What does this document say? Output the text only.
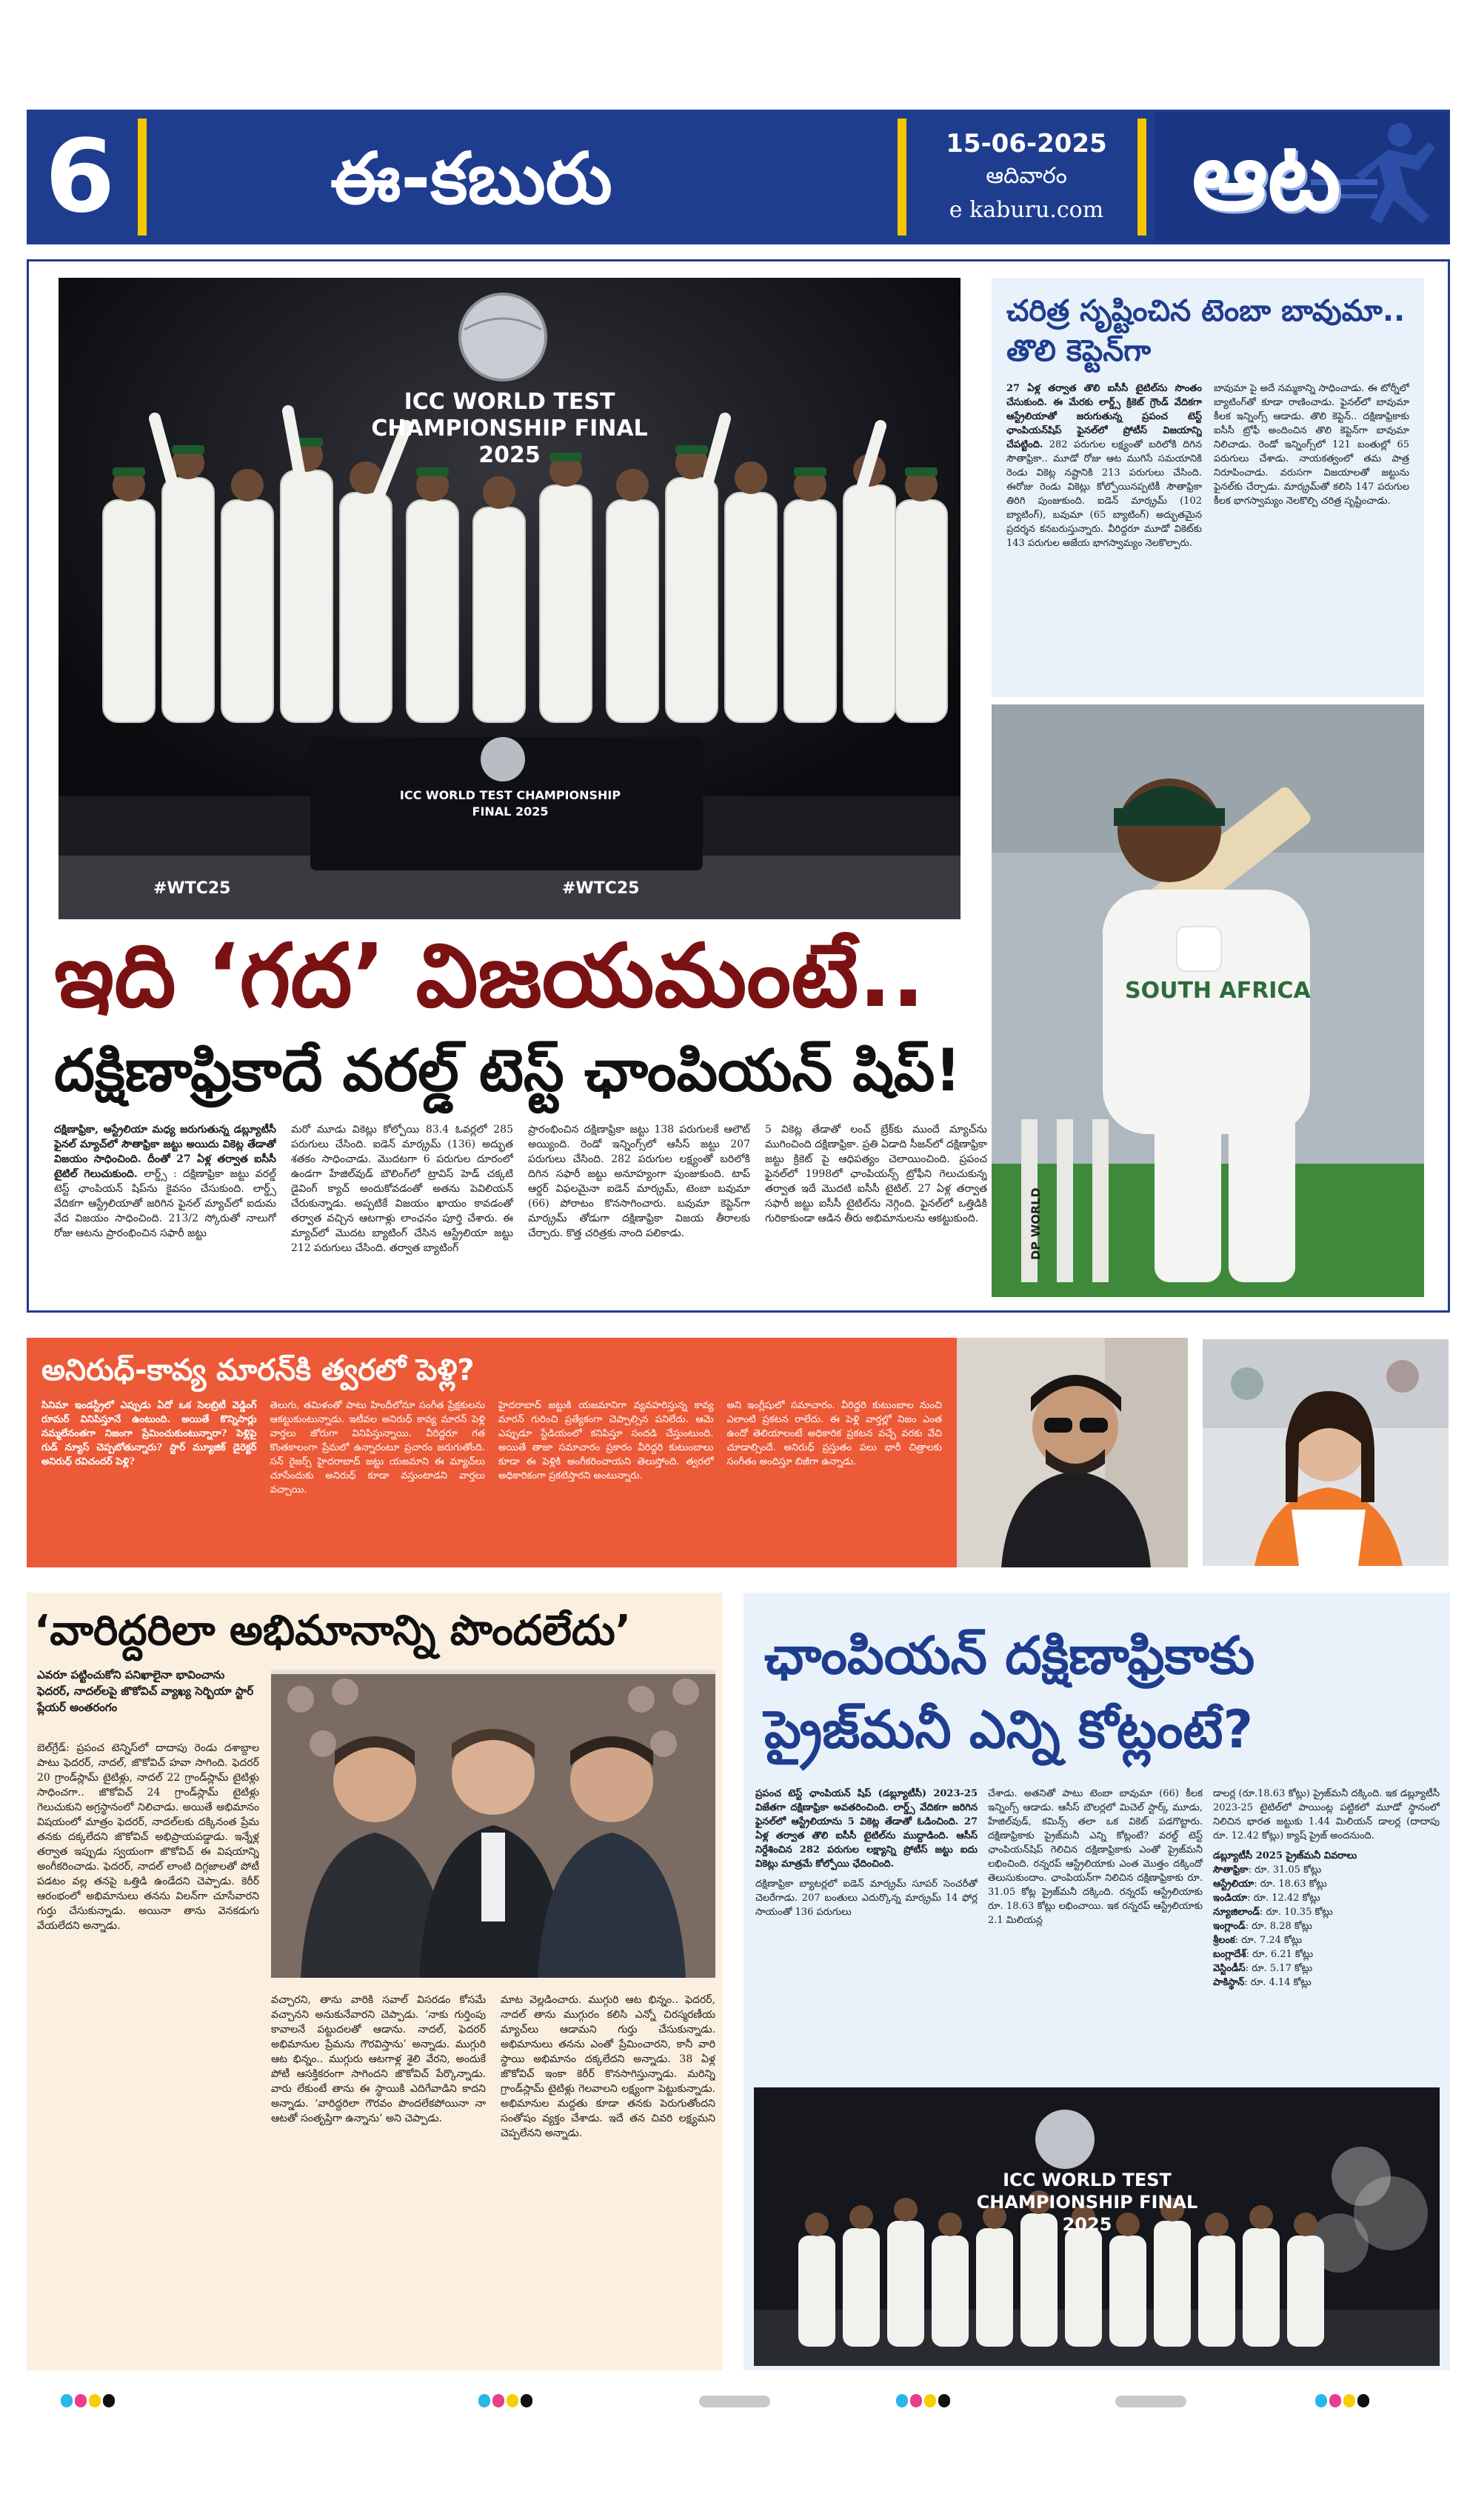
6	ఈ-కబురు	15-06-2025
ఆదివారం
e kaburu.com ఆట
ICC WORLD TEST CHAMPIONSHIP FINAL 2025
ICC WORLD TEST CHAMPIONSHIP FINAL 2025
#WTC25	#WTC25
ఇది ‘గద’ విజయమంటే..
దక్షిణాఫ్రికాదే వరల్డ్ టెస్ట్ ఛాంపియన్ షిప్!
దక్షిణాఫ్రికా, ఆస్ట్రేలియా మధ్య జరుగుతున్న డబ్ల్యూటీసీ ఫైనల్ మ్యాచ్‌లో సౌతాఫ్రికా జట్టు అయిదు వికెట్ల తేడాతో విజయం సాధించింది. దీంతో 27 ఏళ్ల తర్వాత ఐసీసీ టైటిల్ గెలుచుకుంది. లార్డ్స్ : దక్షిణాఫ్రికా జట్టు వరల్డ్ టెస్ట్ ఛాంపియన్ షిప్‌ను కైవసం చేసుకుంది. లార్డ్స్ వేదికగా ఆస్ట్రేలియాతో జరిగిన ఫైనల్ మ్యాచ్‌లో ఐదుమ వేద విజయం సాధించింది. 213/2 స్కోరుతో నాలుగో రోజు ఆటను ప్రారంభించిన సఫారీ జట్టు
మరో మూడు వికెట్లు కోల్పోయి 83.4 ఓవర్లలో 285 పరుగులు చేసింది. ఐడెన్ మార్క్రమ్ (136) అద్భుత శతకం సాధించాడు. మొదటగా 6 పరుగుల దూరంలో ఉండగా హేజిల్‌వుడ్ బౌలింగ్‌లో ట్రావిస్ హెడ్ చక్కటి డైవింగ్ క్యాచ్ అందుకోవడంతో అతను పెవిలియన్ చేరుకున్నాడు. అప్పటికే విజయం ఖాయం కావడంతో తర్వాత వచ్చిన ఆటగాళ్లు లాంఛనం పూర్తి చేశారు. ఈ మ్యాచ్‌లో మొదట బ్యాటింగ్ చేసిన ఆస్ట్రేలియా జట్టు 212 పరుగులు చేసింది. తర్వాత బ్యాటింగ్
ప్రారంభించిన దక్షిణాఫ్రికా జట్టు 138 పరుగులకే ఆలౌట్ అయ్యింది. రెండో ఇన్నింగ్స్‌లో ఆసీస్ జట్టు 207 పరుగులు చేసింది. 282 పరుగుల లక్ష్యంతో బరిలోకి దిగిన సఫారీ జట్టు అనూహ్యంగా పుంజుకుంది. టాప్ ఆర్డర్ విఫలమైనా ఐడెన్ మార్క్రమ్, టెంబా బవుమా (66) పోరాటం కొనసాగించారు. బవుమా కెప్టెన్‌గా మార్క్రమ్ తోడుగా దక్షిణాఫ్రికా విజయ తీరాలకు చేర్చారు. కొత్త చరిత్రకు నాంది పలికాడు.
5 వికెట్ల తేడాతో లంచ్ బ్రేక్‌కు ముందే మ్యాచ్‌ను ముగించింది దక్షిణాఫ్రికా. ప్రతి ఏడాది సీజన్‌లో దక్షిణాఫ్రికా జట్టు క్రికెట్ పై ఆధిపత్యం చెలాయించింది. ప్రపంచ ఫైనల్‌లో 1998లో ఛాంపియన్స్ ట్రోఫీని గెలుచుకున్న తర్వాత ఇదే మొదటి ఐసీసీ టైటిల్. 27 ఏళ్ల తర్వాత సఫారీ జట్టు ఐసీసీ టైటిల్‌ను నెగ్గింది. ఫైనల్‌లో ఒత్తిడికి గురికాకుండా ఆడిన తీరు అభిమానులను ఆకట్టుకుంది.
చరిత్ర సృష్టించిన టెంబా బావుమా.. తొలి కెప్టెన్‌గా
27 ఏళ్ల తర్వాత తొలి ఐసీసీ టైటిల్‌ను సొంతం చేసుకుంది. ఈ మేరకు లార్డ్స్ క్రికెట్ గ్రౌండ్ వేదికగా ఆస్ట్రేలియాతో జరుగుతున్న ప్రపంచ టెస్ట్ ఛాంపియన్‌షిప్ ఫైనల్‌లో ప్రోటీస్ విజయాన్ని చేపట్టింది. 282 పరుగుల లక్ష్యంతో బరిలోకి దిగిన సౌతాఫ్రికా.. మూడో రోజు ఆట ముగిసే సమయానికి రెండు వికెట్ల నష్టానికి 213 పరుగులు చేసింది. ఈరోజు రెండు వికెట్లు కోల్పోయినప్పటికీ సౌతాఫ్రికా తిరిగి పుంజుకుంది. ఐడెన్ మార్క్రమ్ (102 బ్యాటింగ్), బవుమా (65 బ్యాటింగ్) అద్భుతమైన ప్రదర్శన కనబరుస్తున్నారు. వీరిద్దరూ మూడో వికెట్‌కు 143 పరుగుల అజేయ భాగస్వామ్యం నెలకొల్పారు.
బావుమా పై అదే నమ్మకాన్ని సాధించాడు. ఈ టోర్నీలో బ్యాటింగ్‌తో కూడా రాణించాడు. ఫైనల్‌లో బావుమా కీలక ఇన్నింగ్స్ ఆడాడు. తొలి కెప్టెన్.. దక్షిణాఫ్రికాకు ఐసీసీ ట్రోఫీ అందించిన తొలి కెప్టెన్‌గా బావుమా నిలిచాడు. రెండో ఇన్నింగ్స్‌లో 121 బంతుల్లో 65 పరుగులు చేశాడు. నాయకత్వంలో తమ పాత్ర నిరూపించాడు. వరుసగా విజయాలతో జట్టును ఫైనల్‌కు చేర్చాడు. మార్క్రమ్‌తో కలిసి 147 పరుగుల కీలక భాగస్వామ్యం నెలకొల్పి చరిత్ర సృష్టించాడు.
SOUTH AFRICA
DP WORLD
అనిరుధ్-కావ్య మారన్‌కి త్వరలో పెళ్లి?
సినిమా ఇండస్ట్రీలో ఎప్పుడు ఏదో ఒక సెలబ్రిటీ వెడ్డింగ్ రూమర్ వినిపిస్తూనే ఉంటుంది. అయితే కొన్నిసార్లు నమ్మలేనంతగా నిజంగా ప్రేమించుకుంటున్నారా? పెళ్లిపై గుడ్ న్యూస్ చెప్పబోతున్నారు? స్టార్ మ్యూజిక్ డైరెక్టర్ అనిరుధ్ రవిచందర్ పెళ్లి?
తెలుగు, తమిళంతో పాటు హిందీలోనూ సంగీత ప్రేక్షకులను ఆకట్టుకుంటున్నాడు. ఇటీవల అనిరుధ్ కావ్య మారన్ పెళ్లి వార్తలు జోరుగా వినిపిస్తున్నాయి. వీరిద్దరూ గత కొంతకాలంగా ప్రేమలో ఉన్నారంటూ ప్రచారం జరుగుతోంది. సన్ రైజర్స్ హైదరాబాద్ జట్టు యజమాని ఈ మ్యాచ్‌లు చూసేందుకు అనిరుధ్ కూడా వస్తుంటాడని వార్తలు వచ్చాయి.
హైదరాబాద్ జట్టుకి యజమానిగా వ్యవహరిస్తున్న కావ్య మారన్ గురించి ప్రత్యేకంగా చెప్పాల్సిన పనిలేదు. ఆమె ఎప్పుడూ స్టేడియంలో కనిపిస్తూ సందడి చేస్తుంటుంది. అయితే తాజా సమాచారం ప్రకారం వీరిద్దరి కుటుంబాలు కూడా ఈ పెళ్లికి అంగీకరించాయని తెలుస్తోంది. త్వరలో అధికారికంగా ప్రకటిస్తారని అంటున్నారు.
అని ఇంగ్లీషులో సమాచారం. వీరిద్దరి కుటుంబాల నుంచి ఎలాంటి ప్రకటన రాలేదు. ఈ పెళ్లి వార్తల్లో నిజం ఎంత ఉందో తెలియాలంటే అధికారిక ప్రకటన వచ్చే వరకు వేచి చూడాల్సిందే. అనిరుధ్ ప్రస్తుతం పలు భారీ చిత్రాలకు సంగీతం అందిస్తూ బిజీగా ఉన్నాడు.
‘వారిద్దరిలా అభిమానాన్ని పొందలేదు’
ఎవరూ పట్టించుకోని పనిఖాలైనా భావించాను ఫెదరర్, నాదల్‌లపై జొకోవిచ్ వ్యాఖ్య సెర్బియా స్టార్ ప్లేయర్ అంతరంగం
బెల్‌గ్రేడ్: ప్రపంచ టెన్నిస్‌లో దాదాపు రెండు దశాబ్దాల పాటు ఫెదరర్, నాదల్, జొకోవిచ్ హవా సాగింది. ఫెదరర్ 20 గ్రాండ్‌స్లామ్ టైటిళ్లు, నాదల్ 22 గ్రాండ్‌స్లామ్ టైటిళ్లు సాధించగా.. జొకోవిచ్ 24 గ్రాండ్‌స్లామ్ టైటిళ్లు గెలుచుకుని అగ్రస్థానంలో నిలిచాడు. అయితే అభిమానం విషయంలో మాత్రం ఫెదరర్, నాదల్‌లకు దక్కినంత ప్రేమ తనకు దక్కలేదని జొకోవిచ్ అభిప్రాయపడ్డాడు. ఇన్నేళ్ల తర్వాత ఇప్పుడు స్వయంగా జొకోవిచ్ ఈ విషయాన్ని అంగీకరించాడు. ఫెదరర్, నాదల్ లాంటి దిగ్గజాలతో పోటీ పడటం వల్ల తనపై ఒత్తిడి ఉండేదని చెప్పాడు. కెరీర్ ఆరంభంలో అభిమానులు తనను విలన్‌గా చూసేవారని గుర్తు చేసుకున్నాడు. అయినా తాను వెనకడుగు వేయలేదని అన్నాడు.
వచ్చారని, తాను వారికి సవాల్ విసరడం కోసమే వచ్చానని అనుకునేవారని చెప్పాడు. ‘నాకు గుర్తింపు కావాలనే పట్టుదలతో ఆడాను. నాదల్, ఫెదరర్ అభిమానుల ప్రేమను గౌరవిస్తాను’ అన్నాడు. ముగ్గురి ఆట భిన్నం.. ముగ్గురు ఆటగాళ్ల శైలి వేరని, అందుకే పోటీ ఆసక్తికరంగా సాగిందని జొకోవిచ్ పేర్కొన్నాడు. వారు లేకుంటే తాను ఈ స్థాయికి ఎదిగేవాడిని కాదని అన్నాడు. ‘వారిద్దరిలా గౌరవం పొందలేకపోయినా నా ఆటతో సంతృప్తిగా ఉన్నాను’ అని చెప్పాడు.
మాట వెల్లడించారు. ముగ్గురి ఆట భిన్నం.. ఫెదరర్, నాదల్ తాను ముగ్గురం కలిసి ఎన్నో చిరస్మరణీయ మ్యాచ్‌లు ఆడామని గుర్తు చేసుకున్నాడు. అభిమానులు తనను ఎంతో ప్రేమించారని, కానీ వారి స్థాయి అభిమానం దక్కలేదని అన్నాడు. 38 ఏళ్ల జొకోవిచ్ ఇంకా కెరీర్ కొనసాగిస్తున్నాడు. మరిన్ని గ్రాండ్‌స్లామ్ టైటిళ్లు గెలవాలని లక్ష్యంగా పెట్టుకున్నాడు. అభిమానుల మద్దతు కూడా తనకు పెరుగుతోందని సంతోషం వ్యక్తం చేశాడు. ఇదే తన చివరి లక్ష్యమని చెప్పలేనని అన్నాడు.
ఛాంపియన్ దక్షిణాఫ్రికాకు
ప్రైజ్‌మనీ ఎన్ని కోట్లంటే?
ప్రపంచ టెస్ట్ ఛాంపియన్ షిప్ (డబ్ల్యూటీసీ) 2023-25 విజేతగా దక్షిణాఫ్రికా అవతరించింది. లార్డ్స్ వేదికగా జరిగిన ఫైనల్‌లో ఆస్ట్రేలియాను 5 వికెట్ల తేడాతో ఓడించింది. 27 ఏళ్ల తర్వాత తొలి ఐసీసీ టైటిల్‌ను ముద్దాడింది. ఆసీస్ నిర్దేశించిన 282 పరుగుల లక్ష్యాన్ని ప్రోటీస్ జట్టు ఐదు వికెట్లు మాత్రమే కోల్పోయి ఛేదించింది.

దక్షిణాఫ్రికా బ్యాటర్లలో ఐడెన్ మార్క్రమ్ సూపర్ సెంచరీతో చెలరేగాడు. 207 బంతులు ఎదుర్కొన్న మార్క్రమ్ 14 ఫోర్ల సాయంతో 136 పరుగులు

చేశాడు. అతనితో పాటు టెంబా బావుమా (66) కీలక ఇన్నింగ్స్ ఆడాడు. ఆసీస్ బౌలర్లలో మిచెల్ స్టార్క్ మూడు, హేజిల్‌వుడ్, కమిన్స్ తలా ఒక వికెట్ పడగొట్టారు. దక్షిణాఫ్రికాకు ప్రైజ్‌మనీ ఎన్ని కోట్లంటే? వరల్డ్ టెస్ట్ ఛాంపియన్‌షిప్ గెలిచిన దక్షిణాఫ్రికాకు ఎంతో ప్రైజ్‌మనీ లభించింది. రన్నరప్‌ ఆస్ట్రేలియాకు ఎంత మొత్తం దక్కిందో తెలుసుకుందాం. ఛాంపియన్‌గా నిలిచిన దక్షిణాఫ్రికాకు రూ. 31.05 కోట్ల ప్రైజ్‌మనీ దక్కింది. రన్నరప్ ఆస్ట్రేలియాకు రూ. 18.63 కోట్లు లభించాయి. ఇక రన్నరప్ ఆస్ట్రేలియాకు 2.1 మిలియన్ల
డాలర్ల (రూ.18.63 కోట్లు) ప్రైజ్‌మనీ దక్కింది. ఇక డబ్ల్యూటీసీ 2023-25 టైటిల్‌లో పాయింట్ల పట్టికలో మూడో స్థానంలో నిలిచిన భారత జట్టుకు 1.44 మిలియన్ డాలర్ల (దాదాపు రూ. 12.42 కోట్లు) క్యాష్ ప్రైజ్ అందనుంది.
డబ్ల్యూటీసీ 2025 ప్రైజ్‌మనీ వివరాలు
సౌతాఫ్రికా: రూ. 31.05 కోట్లు
ఆస్ట్రేలియా: రూ. 18.63 కోట్లు
ఇండియా: రూ. 12.42 కోట్లు
న్యూజిలాండ్: రూ. 10.35 కోట్లు
ఇంగ్లాండ్: రూ. 8.28 కోట్లు
శ్రీలంక: రూ. 7.24 కోట్లు
బంగ్లాదేశ్: రూ. 6.21 కోట్లు
వెస్టిండీస్: రూ. 5.17 కోట్లు
పాకిస్థాన్: రూ. 4.14 కోట్లు
ICC WORLD TEST CHAMPIONSHIP FINAL 2025
